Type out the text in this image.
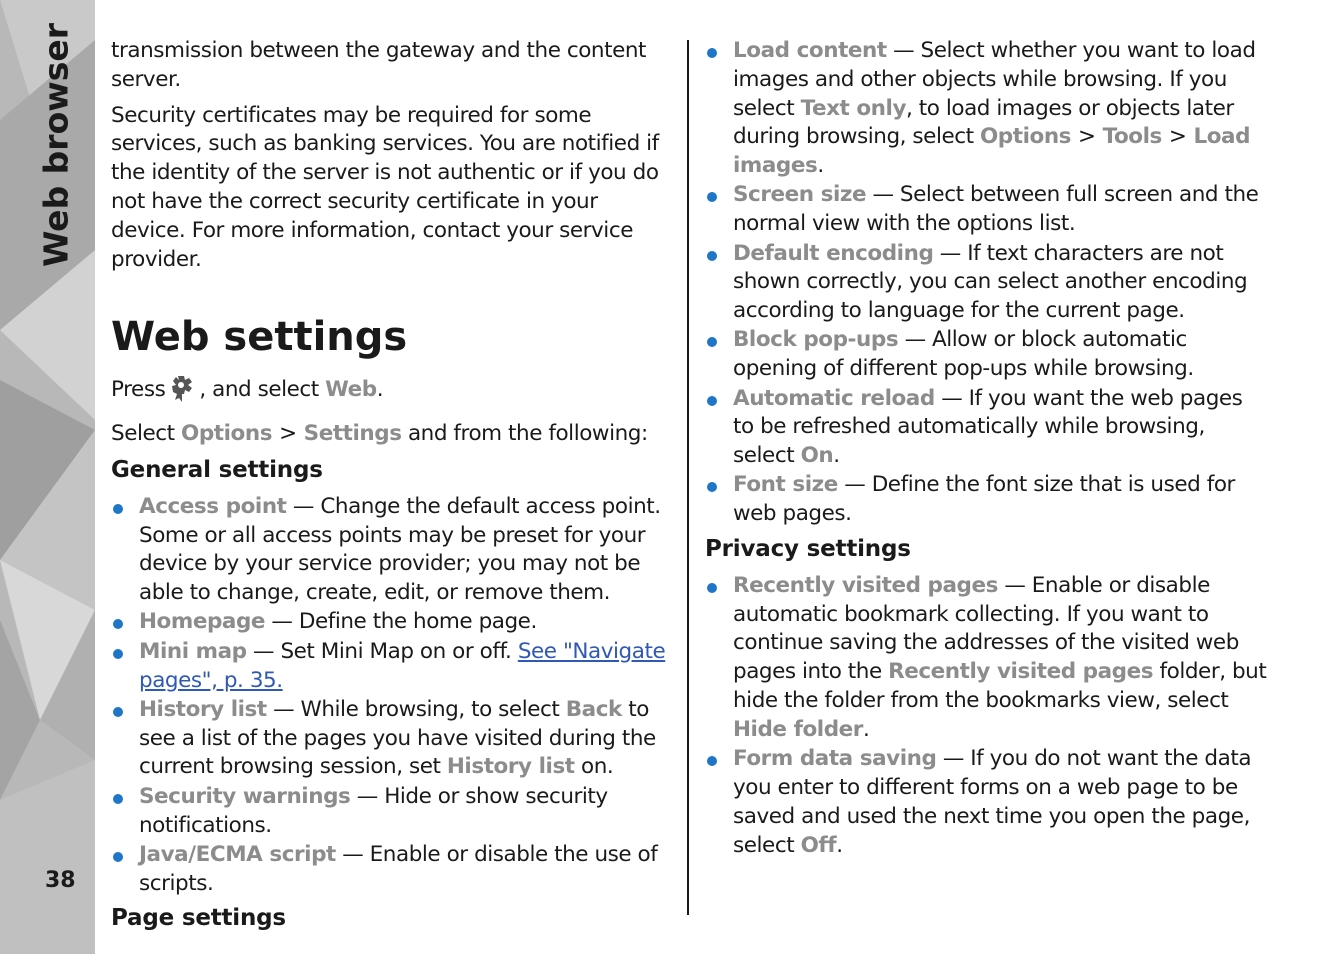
Web browser
38

transmission between the gateway and the content server.

Security certificates may be required for some services, such as banking services. You are notified if the identity of the server is not authentic or if you do not have the correct security certificate in your device. For more information, contact your service provider.

Web settings

Press , and select Web.

Select Options > Settings and from the following:

General settings
Access point — Change the default access point. Some or all access points may be preset for your device by your service provider; you may not be able to change, create, edit, or remove them.
Homepage — Define the home page.
Mini map — Set Mini Map on or off. See "Navigate pages", p. 35.
History list — While browsing, to select Back to see a list of the pages you have visited during the current browsing session, set History list on.
Security warnings — Hide or show security notifications.
Java/ECMA script — Enable or disable the use of scripts.
Page settings
Load content — Select whether you want to load images and other objects while browsing. If you select Text only, to load images or objects later during browsing, select Options > Tools > Load images.
Screen size — Select between full screen and the normal view with the options list.
Default encoding — If text characters are not shown correctly, you can select another encoding according to language for the current page.
Block pop-ups — Allow or block automatic opening of different pop-ups while browsing.
Automatic reload — If you want the web pages to be refreshed automatically while browsing, select On.
Font size — Define the font size that is used for web pages.
Privacy settings
Recently visited pages — Enable or disable automatic bookmark collecting. If you want to continue saving the addresses of the visited web pages into the Recently visited pages folder, but hide the folder from the bookmarks view, select Hide folder.
Form data saving — If you do not want the data you enter to different forms on a web page to be saved and used the next time you open the page, select Off.
